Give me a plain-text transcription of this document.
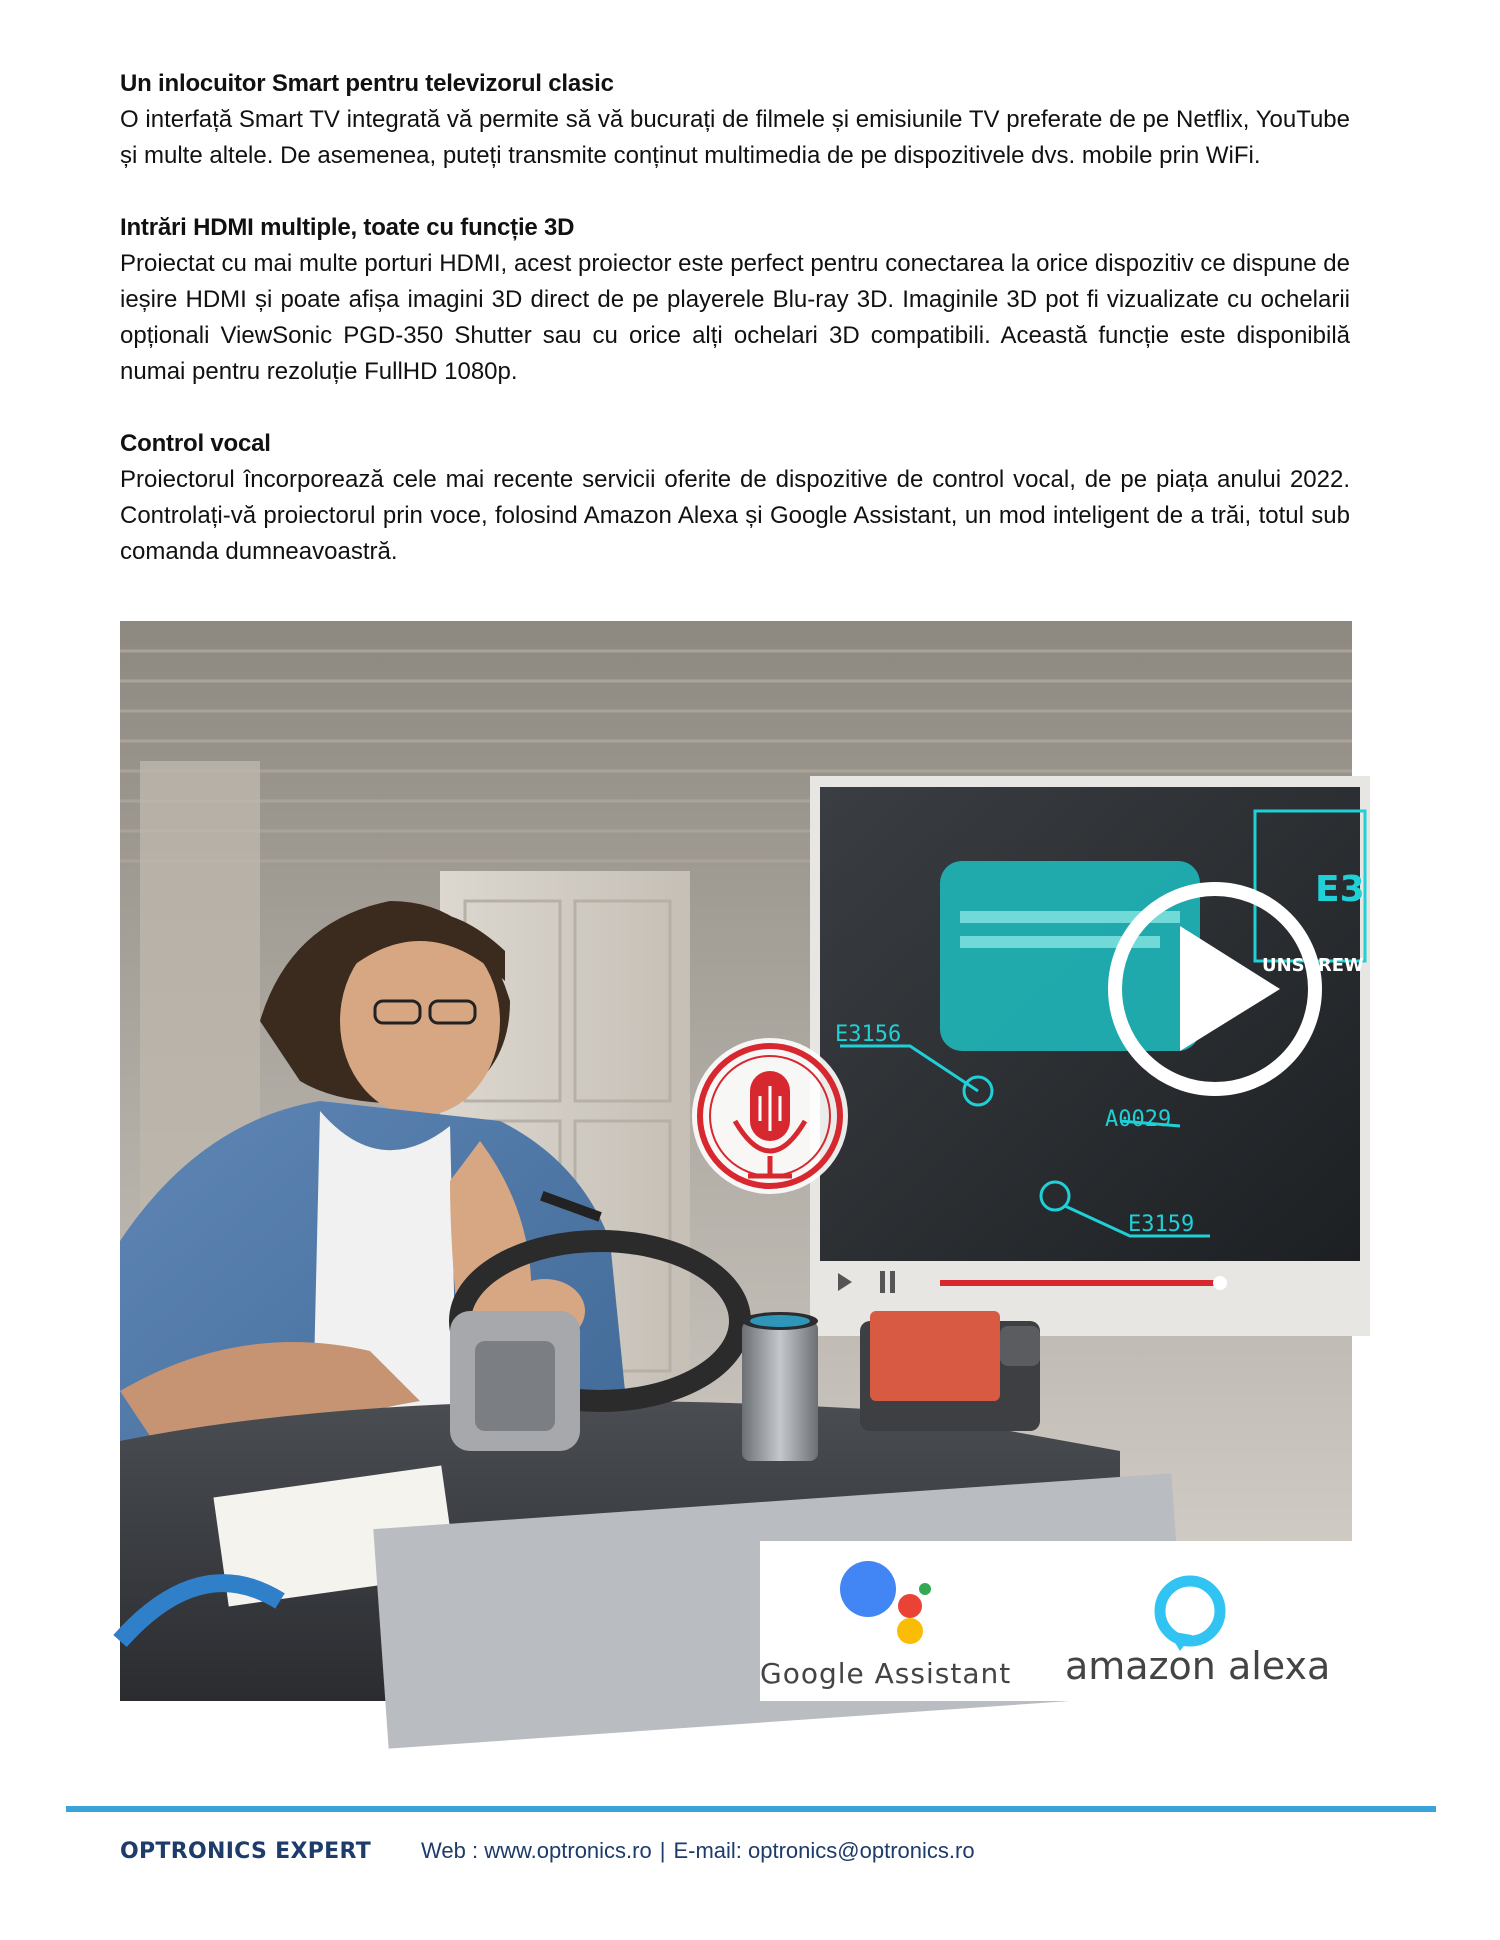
Un inlocuitor Smart pentru televizorul clasic

O interfață Smart TV integrată vă permite să vă bucurați de filmele și emisiunile TV preferate de pe Netflix, YouTube și multe altele. De asemenea, puteți transmite conținut multimedia de pe dispozitivele dvs. mobile prin WiFi.

Intrări HDMI multiple, toate cu funcție 3D

Proiectat cu mai multe porturi HDMI, acest proiector este perfect pentru conectarea la orice dispozitiv ce dispune de ieșire HDMI și poate afișa imagini 3D direct de pe playerele Blu-ray 3D. Imaginile 3D pot fi vizualizate cu ochelarii opționali ViewSonic PGD-350 Shutter sau cu orice alți ochelari 3D compatibili. Această funcție este disponibilă numai pentru rezoluție FullHD 1080p.

Control vocal

Proiectorul încorporează cele mai recente servicii oferite de dispozitive de control vocal, de pe piața anului 2022. Controlați-vă proiectorul prin voce, folosind Amazon Alexa și Google Assistant, un mod inteligent de a trăi, totul sub comanda dumneavoastră.

E3156
A0029
E3159
E3
UNSCREW
Google Assistant amazon alexa
OPTRONICS EXPERT Web : www.optronics.ro | E-mail: optronics@optronics.ro
